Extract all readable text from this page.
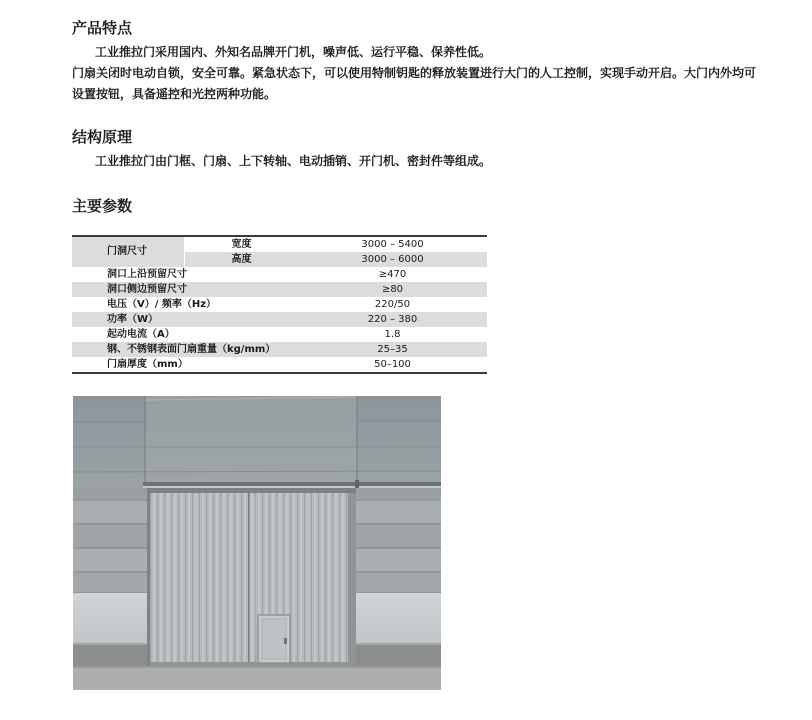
产品特点

工业推拉门采用国内、外知名品牌开门机，噪声低、运行平稳、保养性低。

门扇关闭时电动自锁，安全可靠。紧急状态下，可以使用特制钥匙的释放装置进行大门的人工控制，实现手动开启。大门内外均可

设置按钮，具备遥控和光控两种功能。

结构原理

工业推拉门由门框、门扇、上下转轴、电动插销、开门机、密封件等组成。

主要参数
门洞尺寸
宽度	3000 – 5400
高度	3000 – 6000
洞口上沿预留尺寸	≥470
洞口侧边预留尺寸	≥80
电压（V）/ 频率（Hz）	220/50
功率（W）	220 – 380
起动电流（A）	1.8
钢、不锈钢表面门扇重量（kg/mm）	25–35
门扇厚度（mm）	50–100
